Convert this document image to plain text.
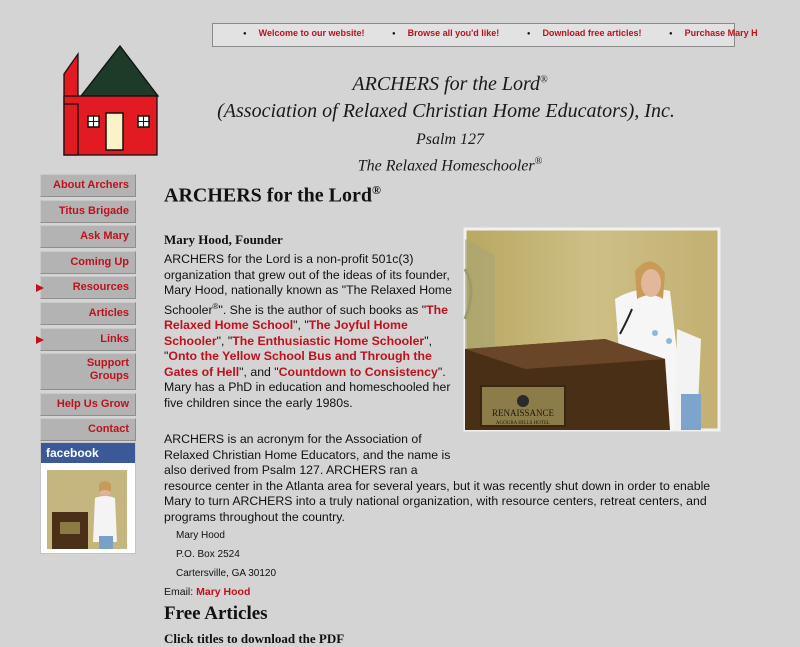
● Welcome to our website!	● Browse all you'd like!	● Download free articles!	● Purchase Mary H
ARCHERS for the Lord®
(Association of Relaxed Christian Home Educators), Inc.
Psalm 127
The Relaxed Homeschooler®
About Archers
Titus Brigade
Ask Mary
Coming Up
Resources
Articles
Links
Support Groups
Help Us Grow
Contact
facebook
ARCHERS for the Lord®
Mary Hood, Founder
RENAISSANCE
AGOURA HILLS HOTEL
ARCHERS for the Lord is a non-profit 501c(3) organization that grew out of the ideas of its founder, Mary Hood, nationally known as "The Relaxed Home Schooler®". She is the author of such books as "The Relaxed Home School", "The Joyful Home Schooler", "The Enthusiastic Home Schooler", "Onto the Yellow School Bus and Through the Gates of Hell", and "Countdown to Consistency". Mary has a PhD in education and homeschooled her five children since the early 1980s.
ARCHERS is an acronym for the Association of Relaxed Christian Home Educators, and the name is also derived from Psalm 127. ARCHERS ran a resource center in the Atlanta area for several years, but it was recently shut down in order to enable Mary to turn ARCHERS into a truly national organization, with resource centers, retreat centers, and programs throughout the country.
Mary Hood
P.O. Box 2524
Cartersville, GA 30120
Email: Mary Hood
Free Articles
Click titles to download the PDF
